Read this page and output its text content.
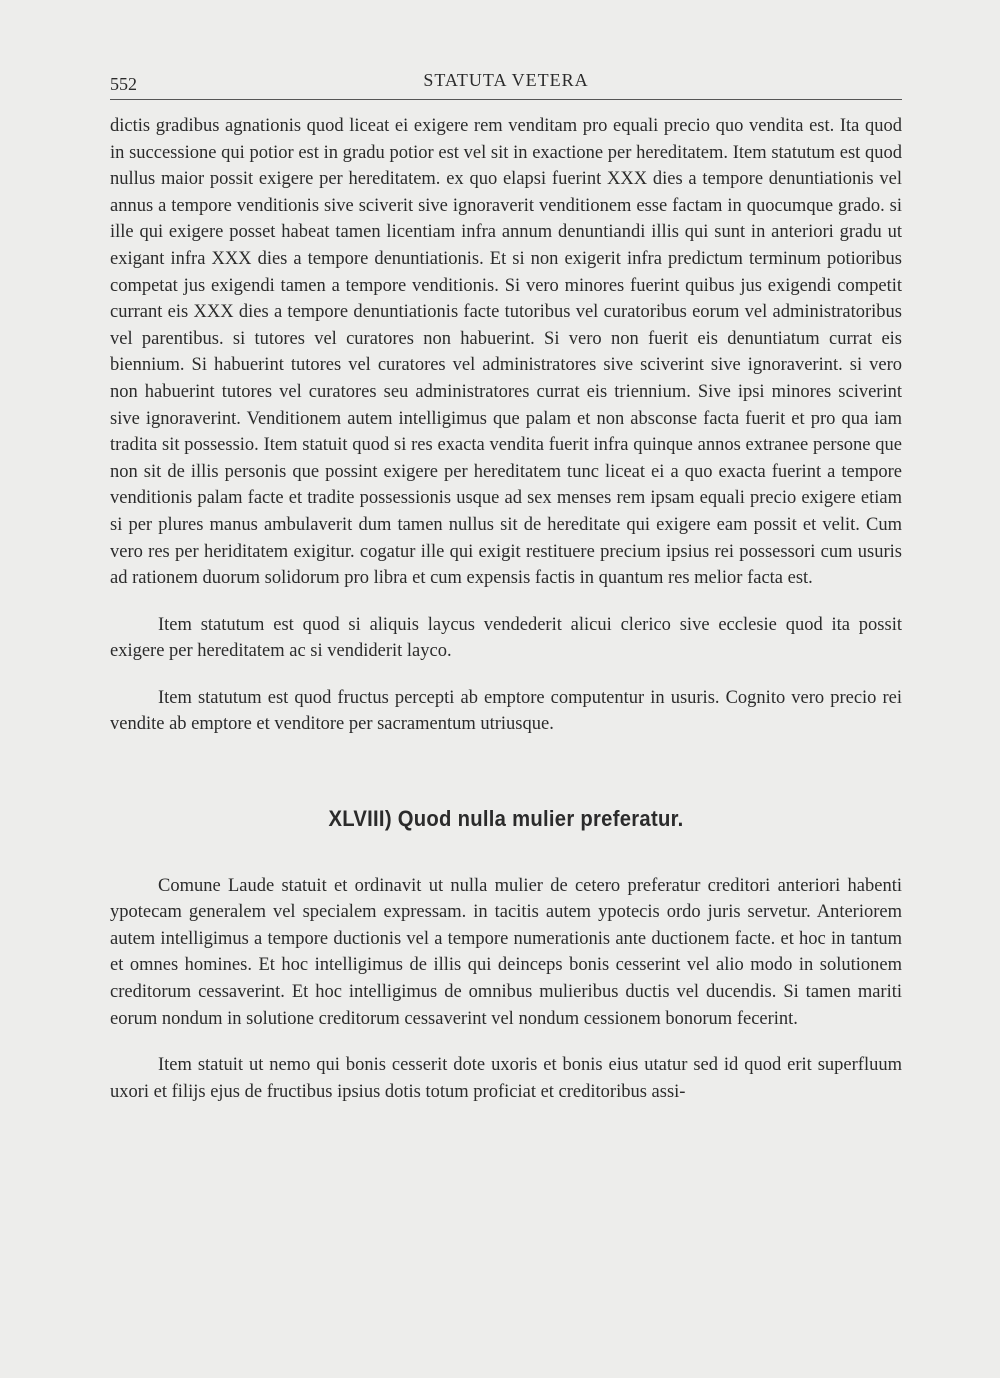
552	STATUTA VETERA

dictis gradibus agnationis quod liceat ei exigere rem venditam pro equali precio quo vendita est. Ita quod in successione qui potior est in gradu potior est vel sit in exactione per hereditatem. Item statutum est quod nullus maior possit exigere per hereditatem. ex quo elapsi fuerint XXX dies a tempore denuntiationis vel annus a tempore venditionis sive sciverit sive ignoraverit venditionem esse factam in quocumque grado. si ille qui exigere posset habeat tamen licentiam infra annum denuntiandi illis qui sunt in anteriori gradu ut exigant infra XXX dies a tempore denuntiationis. Et si non exigerit infra predictum terminum potioribus competat jus exigendi tamen a tempore venditionis. Si vero minores fuerint quibus jus exigendi competit currant eis XXX dies a tempore denuntiationis facte tutoribus vel curatoribus eorum vel administratoribus vel parentibus. si tutores vel curatores non habuerint. Si vero non fuerit eis denuntiatum currat eis biennium. Si habuerint tutores vel curatores vel administratores sive sciverint sive ignoraverint. si vero non habuerint tutores vel curatores seu administratores currat eis triennium. Sive ipsi minores sciverint sive ignoraverint. Venditionem autem intelligimus que palam et non absconse facta fuerit et pro qua iam tradita sit possessio. Item statuit quod si res exacta vendita fuerit infra quinque annos extranee persone que non sit de illis personis que possint exigere per hereditatem tunc liceat ei a quo exacta fuerint a tempore venditionis palam facte et tradite possessionis usque ad sex menses rem ipsam equali precio exigere etiam si per plures manus ambulaverit dum tamen nullus sit de hereditate qui exigere eam possit et velit. Cum vero res per heriditatem exigitur. cogatur ille qui exigit restituere precium ipsius rei possessori cum usuris ad rationem duorum solidorum pro libra et cum expensis factis in quantum res melior facta est.

Item statutum est quod si aliquis laycus vendederit alicui clerico sive ecclesie quod ita possit exigere per hereditatem ac si vendiderit layco.

Item statutum est quod fructus percepti ab emptore computentur in usuris. Cognito vero precio rei vendite ab emptore et venditore per sacramentum utriusque.

XLVIII) Quod nulla mulier preferatur.

Comune Laude statuit et ordinavit ut nulla mulier de cetero preferatur creditori anteriori habenti ypotecam generalem vel specialem expressam. in tacitis autem ypotecis ordo juris servetur. Anteriorem autem intelligimus a tempore ductionis vel a tempore numerationis ante ductionem facte. et hoc in tantum et omnes homines. Et hoc intelligimus de illis qui deinceps bonis cesserint vel alio modo in solutionem creditorum cessaverint. Et hoc intelligimus de omnibus mulieribus ductis vel ducendis. Si tamen mariti eorum nondum in solutione creditorum cessaverint vel nondum cessionem bonorum fecerint.

Item statuit ut nemo qui bonis cesserit dote uxoris et bonis eius utatur sed id quod erit superfluum uxori et filijs ejus de fructibus ipsius dotis totum proficiat et creditoribus assi-
